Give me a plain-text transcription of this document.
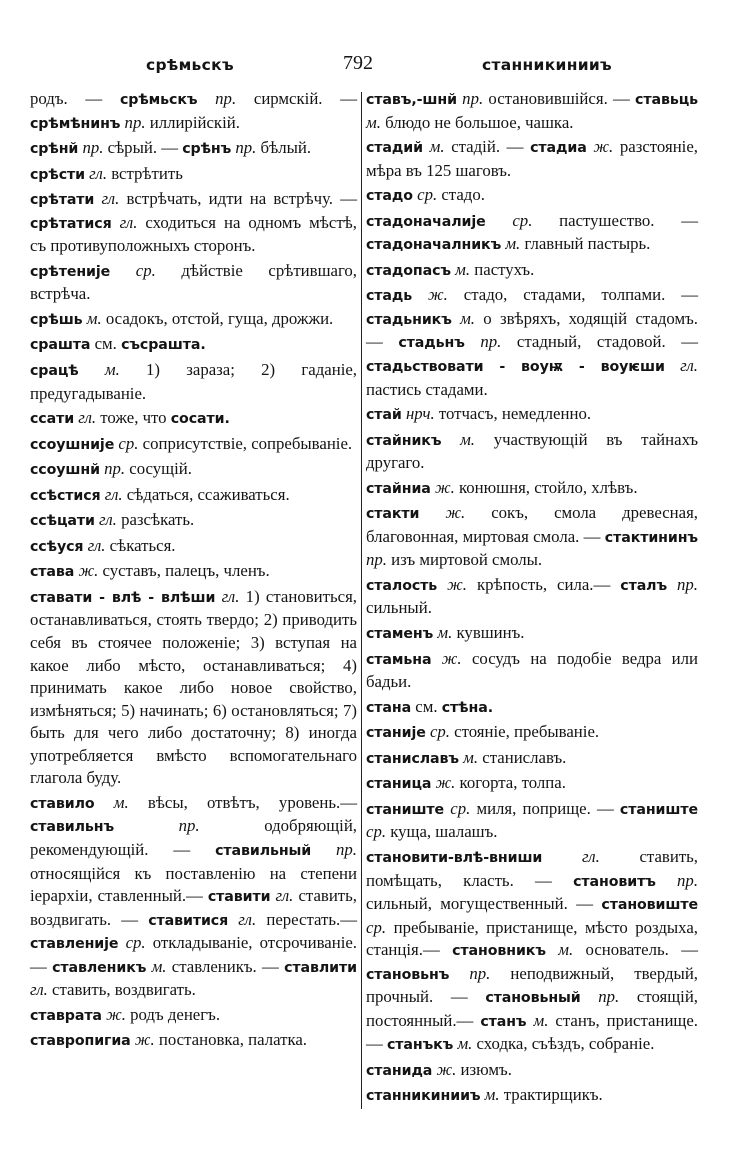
срѣмьскъ	792	станникинииъ
родъ. — срѣмьскъ пр. сирмскій. — срѣмѣнинъ пр. иллирійскій.
срѣнй пр. сѣрый. — срѣнъ пр. бѣлый.
срѣсти гл. встрѣтить
срѣтати гл. встрѣчать, идти на встрѣчу. — срѣтатися гл. сходиться на одномъ мѣстѣ, съ противуположныхъ сторонъ.
срѣтеније ср. дѣйствіе срѣтившаго, встрѣча.
срѣшь м. осадокъ, отстой, гуща, дрожжи.
срашта см. съсрашта.
срацѣ м. 1) зараза; 2) гаданіе, предугадываніе.
ссати гл. тоже, что сосати.
ссоушније ср. соприсутствіе, сопребываніе.
ссоушнй пр. сосущій.
ссѣстися гл. сѣдаться, ссаживаться.
ссѣцати гл. разсѣкать.
ссѣуся гл. сѣкаться.
става ж. суставъ, палецъ, членъ.
ставати - влѣ - влѣши гл. 1) становиться, останавливаться, стоять твердо; 2) приводить себя въ стоячее положеніе; 3) вступая на какое либо мѣсто, останавливаться; 4) принимать какое либо новое свойство, измѣняться; 5) начинать; 6) остановляться; 7) быть для чего либо достаточну; 8) иногда употребляется вмѣсто вспомогательнаго глагола буду.
ставило м. вѣсы, отвѣтъ, уровень.— ставильнъ пр. одобряющій, рекомендующій. — ставильный пр. относящійся къ поставленію на степени іерархіи, ставленный.— ставити гл. ставить, воздвигать. — ставитися гл. перестать.— ставленије ср. откладываніе, отсрочиваніе. — ставленикъ м. ставленикъ. — ставлити гл. ставить, воздвигать.
ставрата ж. родъ денегъ.
ставропигиа ж. постановка, палатка.
ставъ,-шнй пр. остановившійся. — ставьць м. блюдо не большое, чашка.
стадий м. стадій. — стадиа ж. разстояніе, мѣра въ 125 шаговъ.
стадо ср. стадо.
стадоначалије ср. пастушество. — стадоначалникъ м. главный пастырь.
стадопасъ м. пастухъ.
стадь ж. стадо, стадами, толпами. — стадьникъ м. о звѣряхъ, ходящій стадомъ. — стадьнъ пр. стадный, стадовой. — стадьствовати - воуѭ - воуѥши гл. пастись стадами.
стай нрч. тотчасъ, немедленно.
стайникъ м. участвующій въ тайнахъ другаго.
стайниа ж. конюшня, стойло, хлѣвъ.
стакти ж. сокъ, смола древесная, благовонная, миртовая смола. — стактининъ пр. изъ миртовой смолы.
сталость ж. крѣпость, сила.— сталъ пр. сильный.
стаменъ м. кувшинъ.
стамьна ж. сосудъ на подобіе ведра или бадьи.
стана см. стѣна.
станије ср. стояніе, пребываніе.
станиславъ м. станиславъ.
станица ж. когорта, толпа.
станиште ср. миля, поприще. — станиште ср. куща, шалашъ.
становити-влѣ-вниши гл. ставить, помѣщать, класть. — становитъ пр. сильный, могущественный. — становиште ср. пребываніе, пристанище, мѣсто роздыха, станція.— становникъ м. основатель. — становьнъ пр. неподвижный, твердый, прочный. — становьный пр. стоящій, постоянный.— станъ м. станъ, пристанище. — станъкъ м. сходка, съѣздъ, собраніе.
станида ж. изюмъ.
станникинииъ м. трактирщикъ.
